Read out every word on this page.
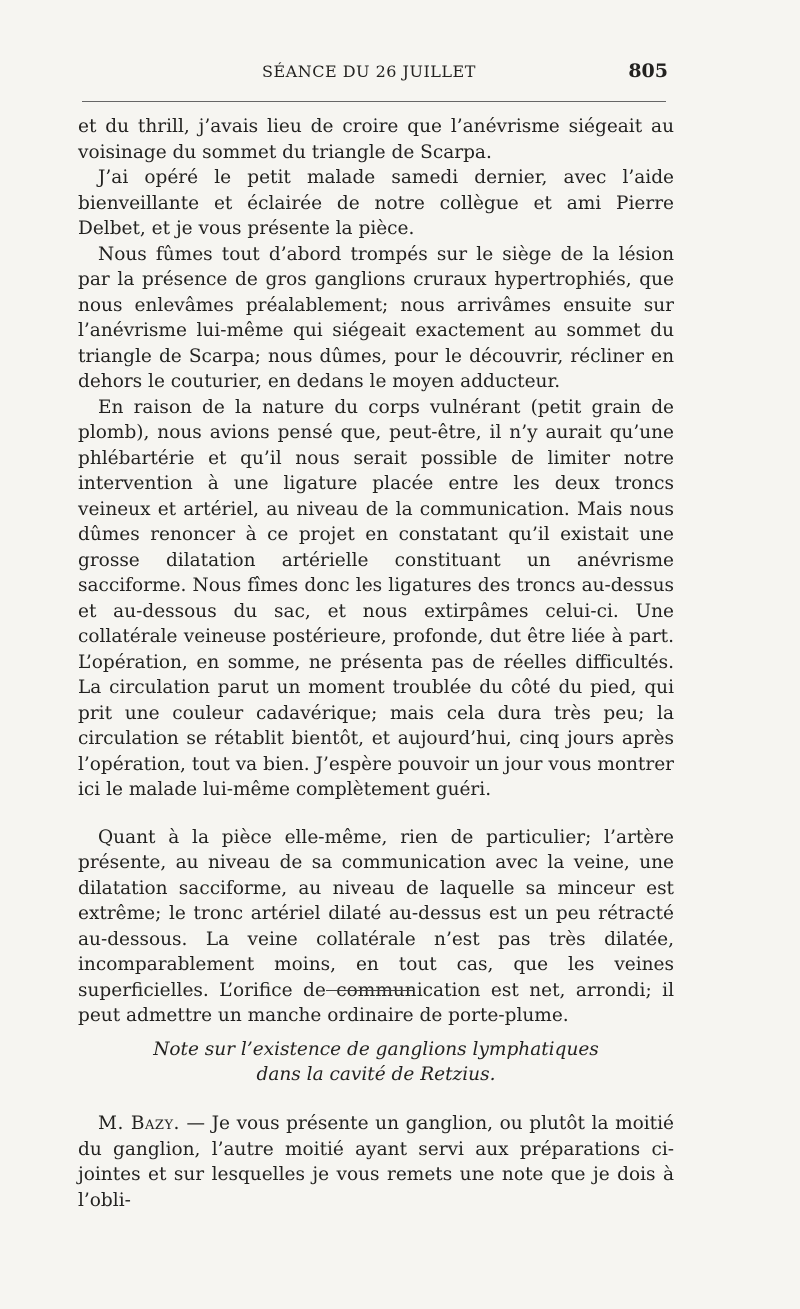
SÉANCE DU 26 JUILLET	805

et du thrill, j’avais lieu de croire que l’anévrisme siégeait au voisinage du sommet du triangle de Scarpa.

J’ai opéré le petit malade samedi dernier, avec l’aide bienveillante et éclairée de notre collègue et ami Pierre Delbet, et je vous présente la pièce.

Nous fûmes tout d’abord trompés sur le siège de la lésion par la présence de gros ganglions cruraux hypertrophiés, que nous enlevâmes préalablement; nous arrivâmes ensuite sur l’anévrisme lui-même qui siégeait exactement au sommet du triangle de Scarpa; nous dûmes, pour le découvrir, récliner en dehors le couturier, en dedans le moyen adducteur.

En raison de la nature du corps vulnérant (petit grain de plomb), nous avions pensé que, peut-être, il n’y aurait qu’une phlébartérie et qu’il nous serait possible de limiter notre intervention à une ligature placée entre les deux troncs veineux et artériel, au niveau de la communication. Mais nous dûmes renoncer à ce projet en constatant qu’il existait une grosse dilatation artérielle constituant un anévrisme sacciforme. Nous fîmes donc les ligatures des troncs au-dessus et au-dessous du sac, et nous extirpâmes celui-ci. Une collatérale veineuse postérieure, profonde, dut être liée à part. L’opération, en somme, ne présenta pas de réelles difficultés. La circulation parut un moment troublée du côté du pied, qui prit une couleur cadavérique; mais cela dura très peu; la circulation se rétablit bientôt, et aujourd’hui, cinq jours après l’opération, tout va bien. J’espère pouvoir un jour vous montrer ici le malade lui-même complètement guéri.

Quant à la pièce elle-même, rien de particulier; l’artère présente, au niveau de sa communication avec la veine, une dilatation sacciforme, au niveau de laquelle sa minceur est extrême; le tronc artériel dilaté au-dessus est un peu rétracté au-dessous. La veine collatérale n’est pas très dilatée, incomparablement moins, en tout cas, que les veines superficielles. L’orifice de communication est net, arrondi; il peut admettre un manche ordinaire de porte-plume.

Note sur l’existence de ganglions lymphatiques
dans la cavité de Retzius.

M. Bazy. — Je vous présente un ganglion, ou plutôt la moitié du ganglion, l’autre moitié ayant servi aux préparations ci-jointes et sur lesquelles je vous remets une note que je dois à l’obli-
